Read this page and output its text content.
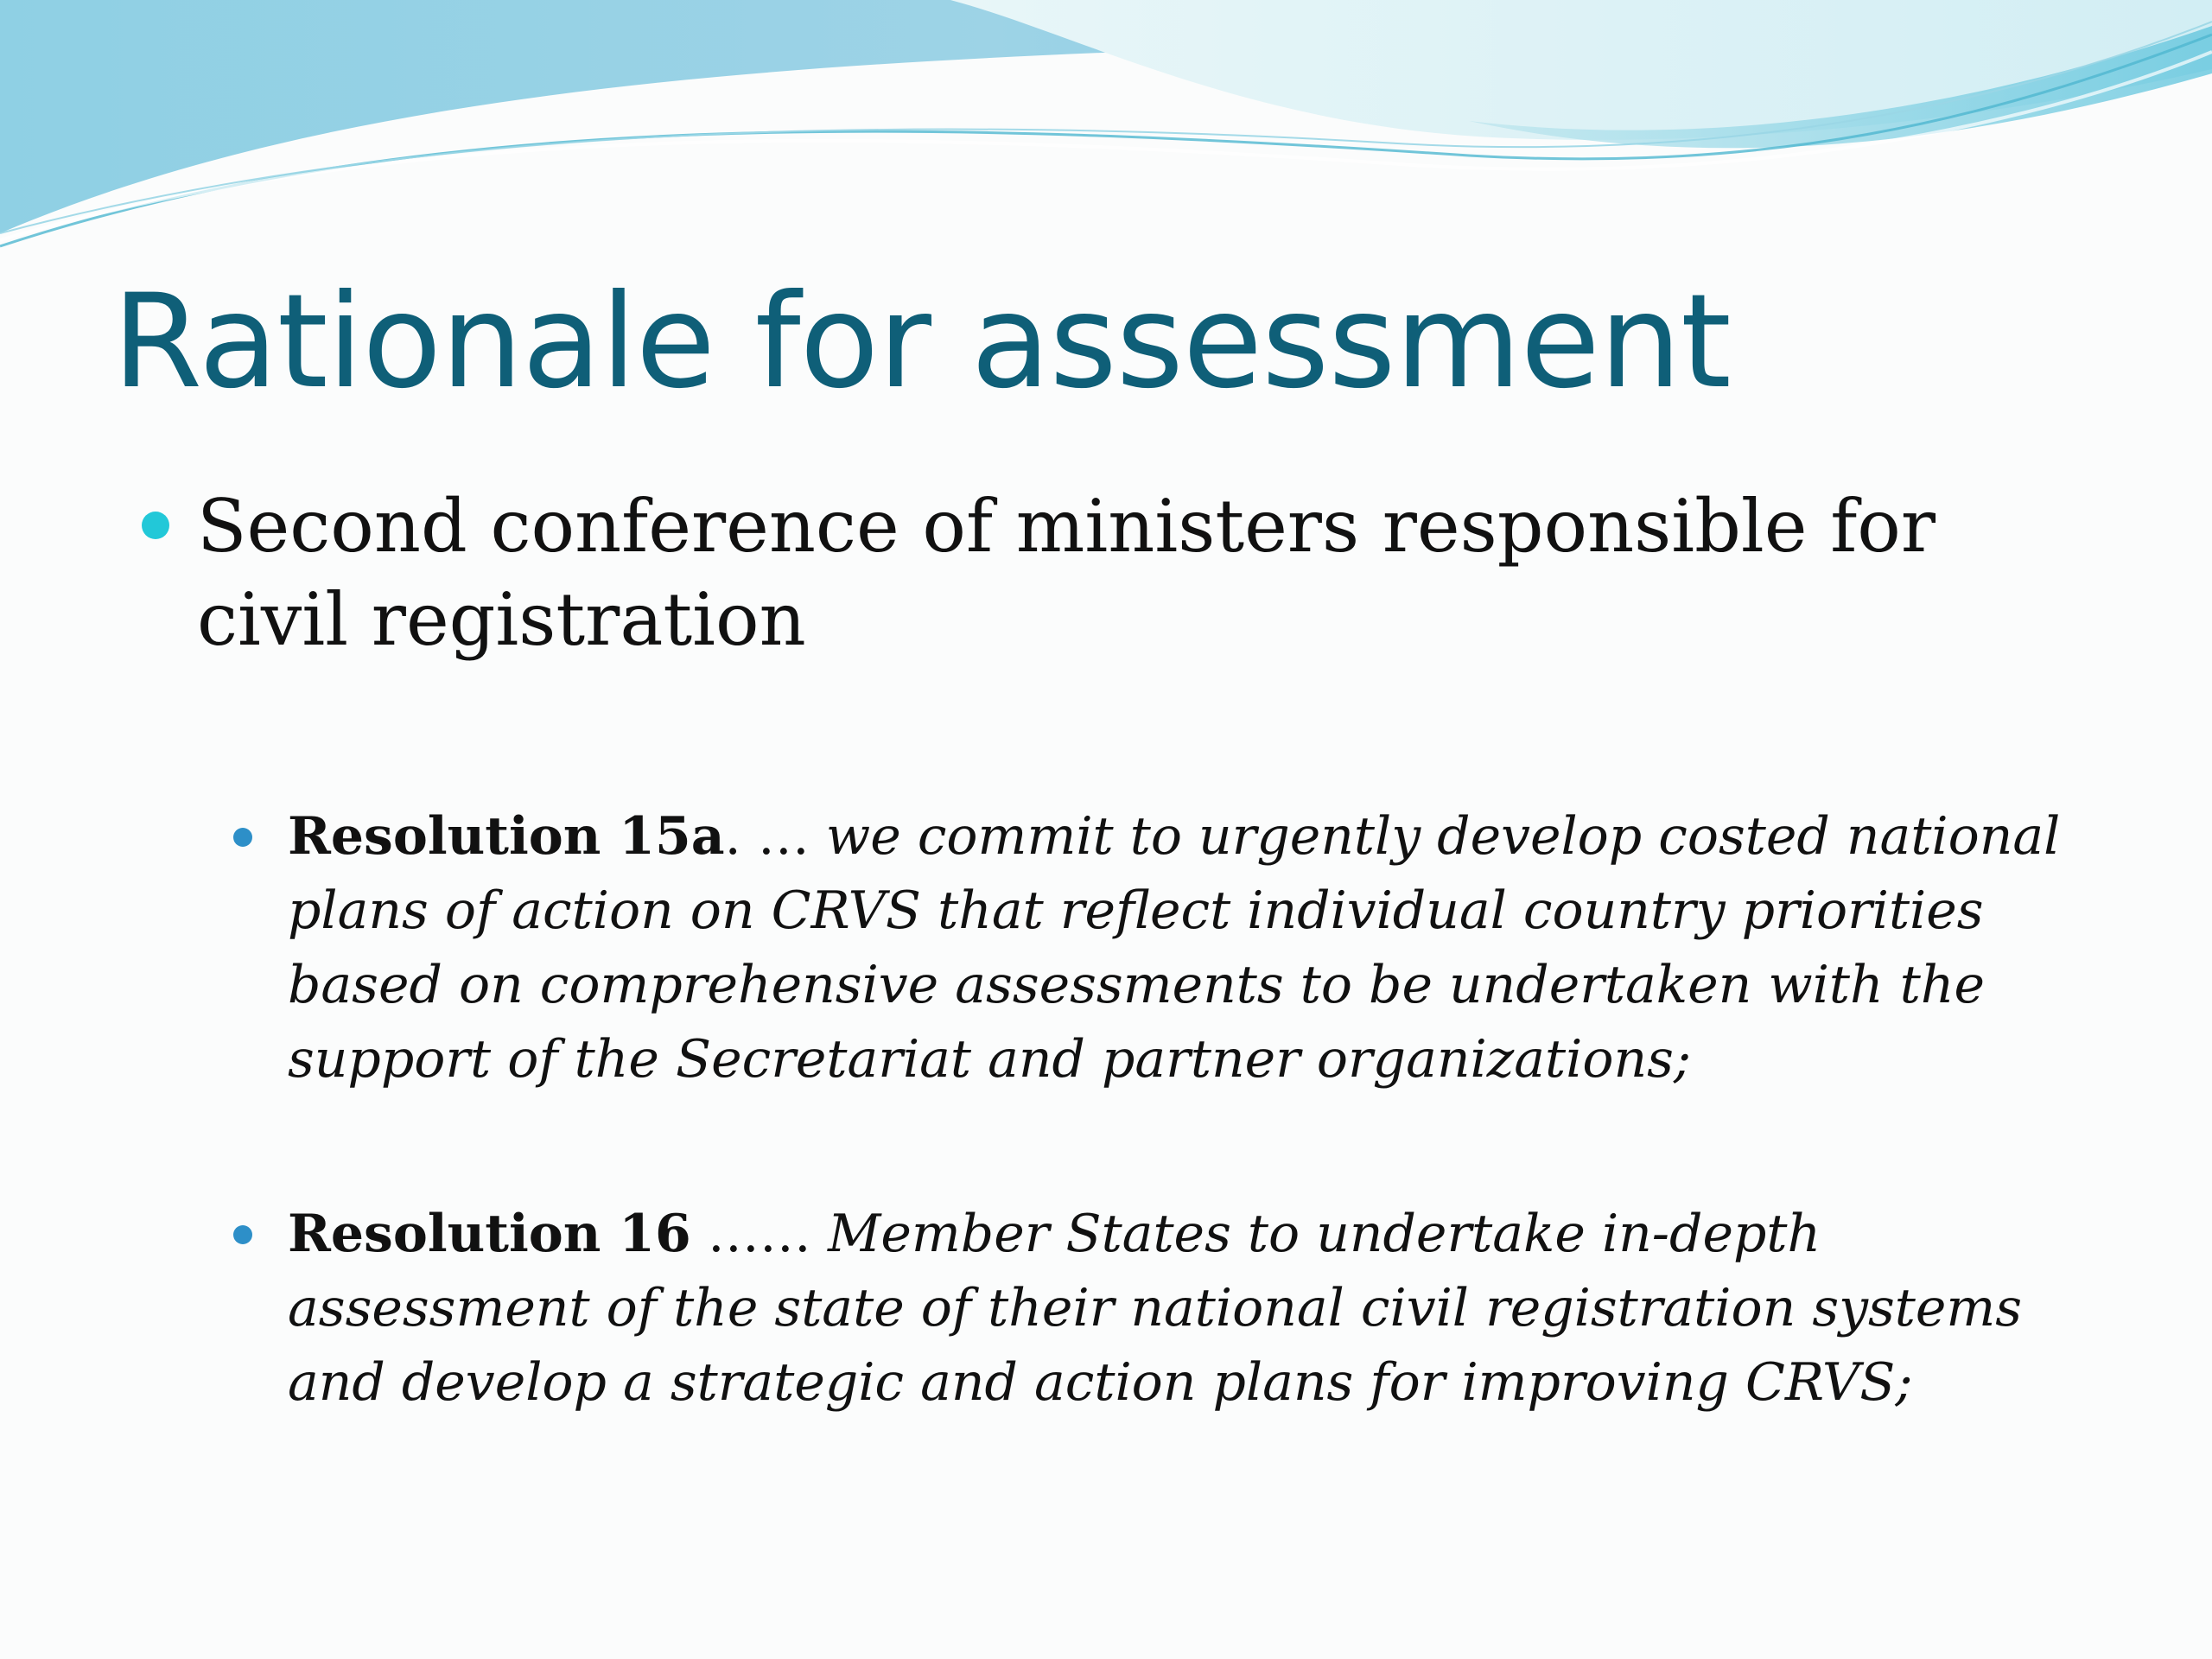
Rationale for assessment
Second conference of ministers responsible for civil registration
Resolution 15a. … we commit to urgently develop costed national plans of action on CRVS that reflect individual country priorities based on comprehensive assessments to be undertaken with the support of the Secretariat and partner organizations;
Resolution 16 …… Member States to undertake in-depth assessment of the state of their national civil registration systems and develop a strategic and action plans for improving CRVS;
